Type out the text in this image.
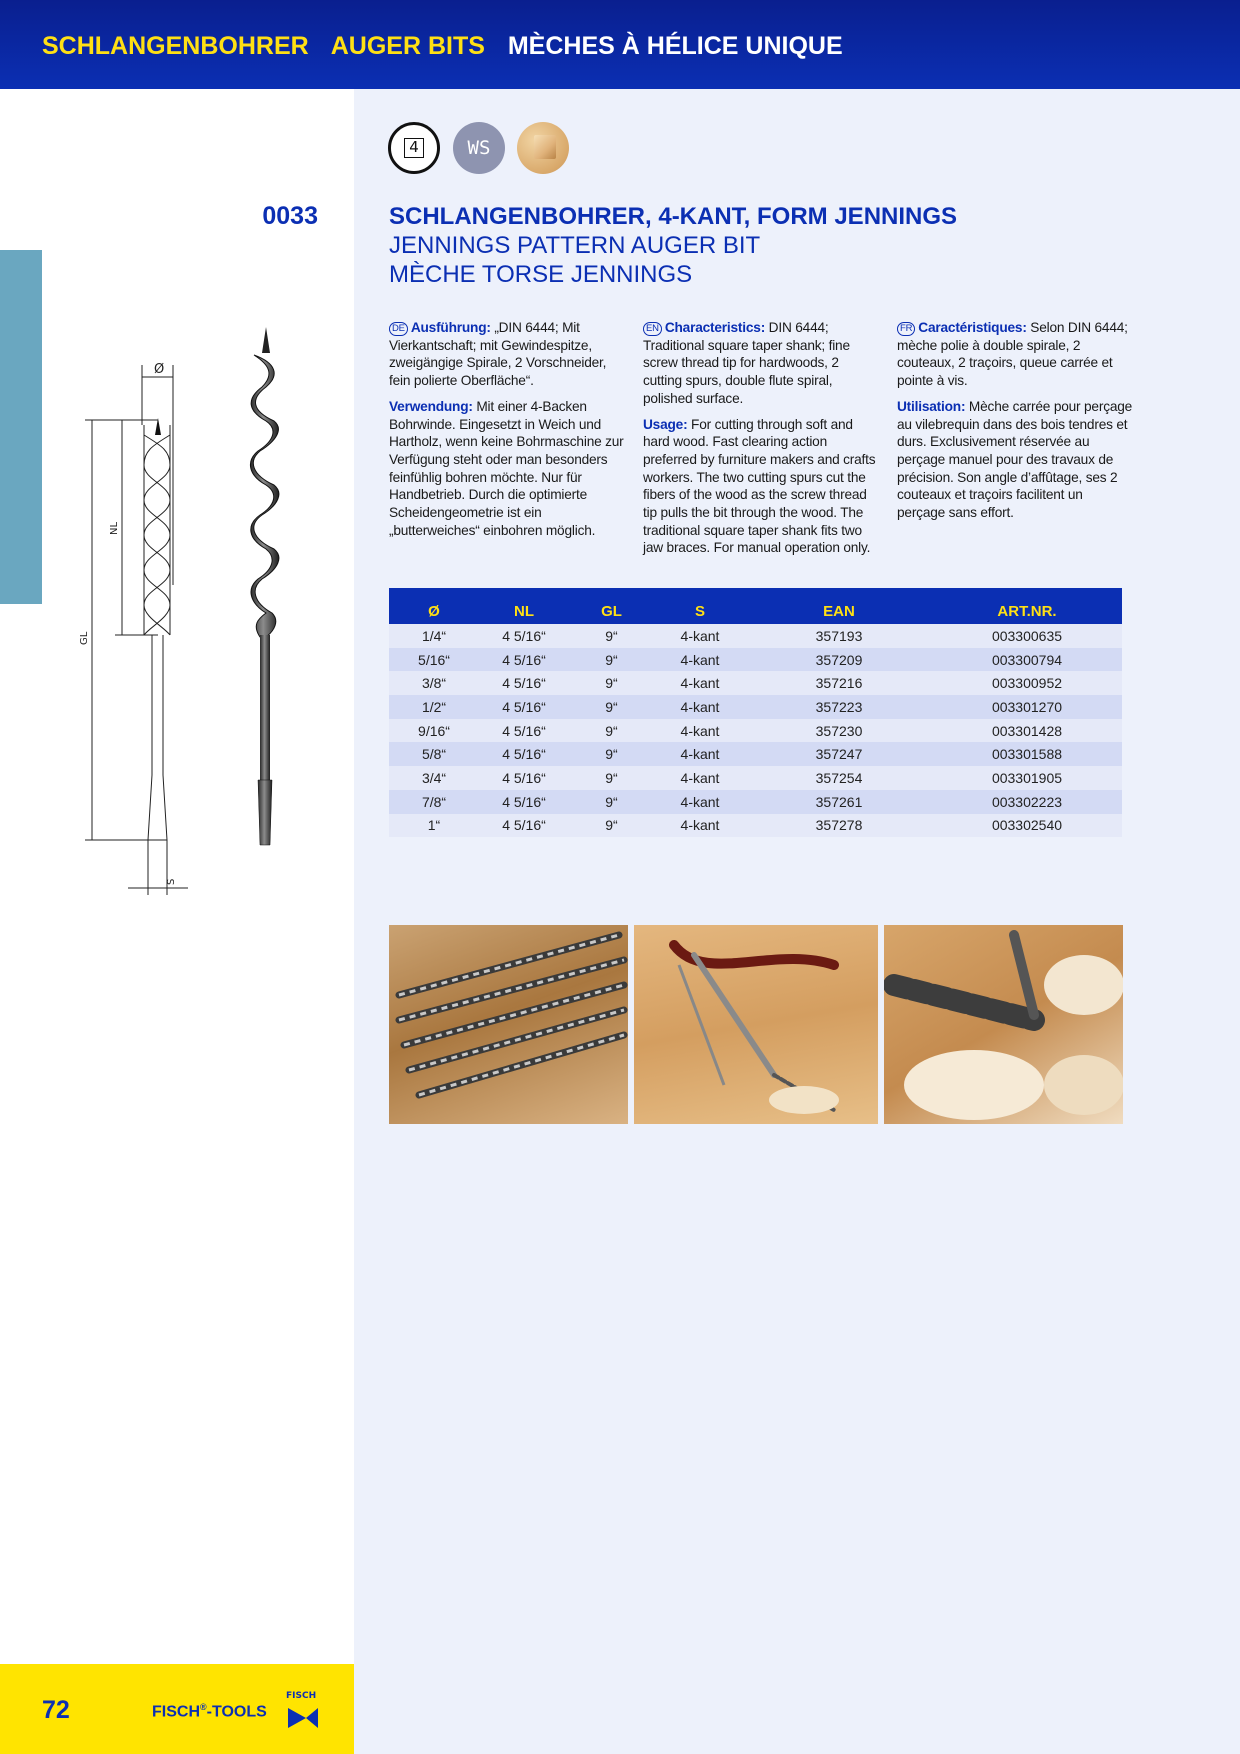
SCHLANGENBOHRER AUGER BITS MÈCHES À HÉLICE UNIQUE
Ø
NL
GL
S
4	WS
0033	SCHLANGENBOHRER, 4-KANT, FORM JENNINGS
JENNINGS PATTERN AUGER BIT
MÈCHE TORSE JENNINGS

DE Ausführung: „DIN 6444; Mit Vierkantschaft; mit Gewindespitze, zweigängige Spirale, 2 Vorschneider, fein polierte Oberfläche“.

Verwendung: Mit einer 4-Backen Bohrwinde. Eingesetzt in Weich und Hartholz, wenn keine Bohrmaschine zur Verfügung steht oder man besonders feinfühlig bohren möchte. Nur für Handbetrieb. Durch die optimierte Scheidengeometrie ist ein „butterweiches“ einbohren möglich.

EN Characteristics: DIN 6444; Traditional square taper shank; fine screw thread tip for hardwoods, 2 cutting spurs, double flute spiral, polished surface.

Usage: For cutting through soft and hard wood. Fast clearing action preferred by furniture makers and crafts workers. The two cutting spurs cut the fibers of the wood as the screw thread tip pulls the bit through the wood. The traditional square taper shank fits two jaw braces. For manual operation only.

FR Caractéristiques: Selon DIN 6444; mèche polie à double spirale, 2 couteaux, 2 traçoirs, queue carrée et pointe à vis.

Utilisation: Mèche carrée pour perçage au vilebrequin dans des bois tendres et durs. Exclusivement réservée au perçage manuel pour des travaux de précision. Son angle d’affûtage, ses 2 couteaux et traçoirs facilitent un perçage sans effort.

Ø	NL	GL	S	EAN	ART.NR.
1/4“	4 5/16“	9“	4-kant	357193	003300635
5/16“	4 5/16“	9“	4-kant	357209	003300794
3/8“	4 5/16“	9“	4-kant	357216	003300952
1/2“	4 5/16“	9“	4-kant	357223	003301270
9/16“	4 5/16“	9“	4-kant	357230	003301428
5/8“	4 5/16“	9“	4-kant	357247	003301588
3/4“	4 5/16“	9“	4-kant	357254	003301905
7/8“	4 5/16“	9“	4-kant	357261	003302223
1“	4 5/16“	9“	4-kant	357278	003302540
72	FISCH®-TOOLS
FISCH
